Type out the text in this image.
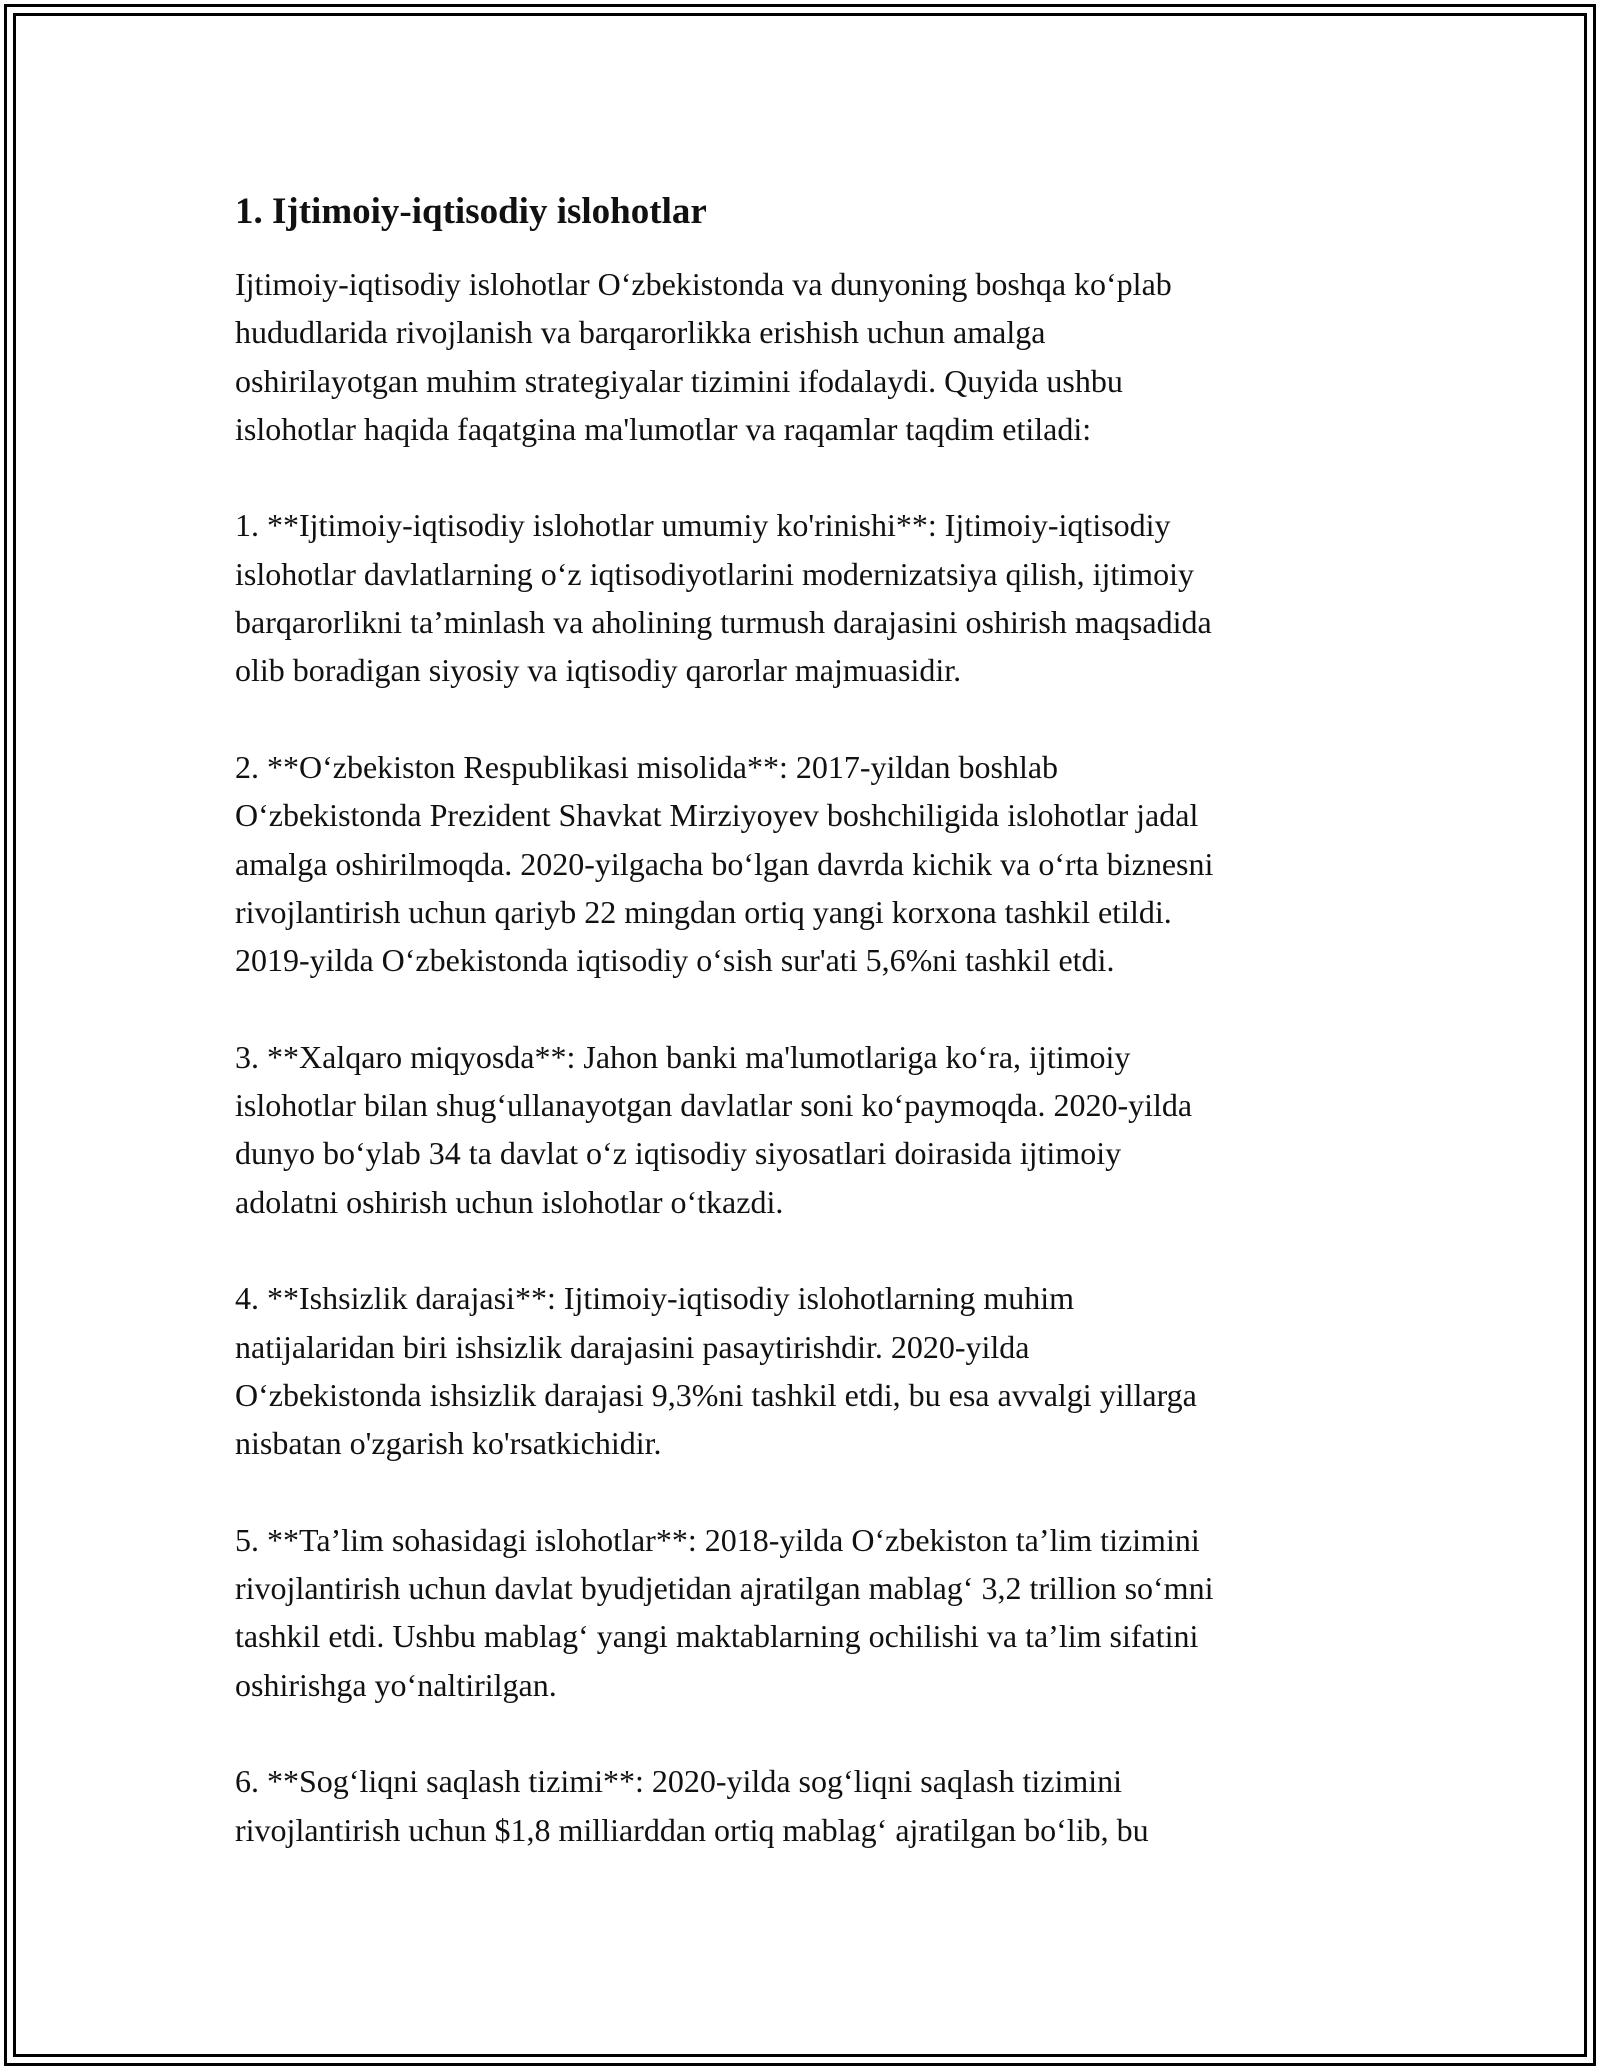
1. Ijtimoiy-iqtisodiy islohotlar

Ijtimoiy-iqtisodiy islohotlar O‘zbekistonda va dunyoning boshqa ko‘plab
hududlarida rivojlanish va barqarorlikka erishish uchun amalga
oshirilayotgan muhim strategiyalar tizimini ifodalaydi. Quyida ushbu
islohotlar haqida faqatgina ma'lumotlar va raqamlar taqdim etiladi:

1. **Ijtimoiy-iqtisodiy islohotlar umumiy ko'rinishi**: Ijtimoiy-iqtisodiy
islohotlar davlatlarning o‘z iqtisodiyotlarini modernizatsiya qilish, ijtimoiy
barqarorlikni ta’minlash va aholining turmush darajasini oshirish maqsadida
olib boradigan siyosiy va iqtisodiy qarorlar majmuasidir.

2. **O‘zbekiston Respublikasi misolida**: 2017-yildan boshlab
O‘zbekistonda Prezident Shavkat Mirziyoyev boshchiligida islohotlar jadal
amalga oshirilmoqda. 2020-yilgacha bo‘lgan davrda kichik va o‘rta biznesni
rivojlantirish uchun qariyb 22 mingdan ortiq yangi korxona tashkil etildi.
2019-yilda O‘zbekistonda iqtisodiy o‘sish sur'ati 5,6%ni tashkil etdi.

3. **Xalqaro miqyosda**: Jahon banki ma'lumotlariga ko‘ra, ijtimoiy
islohotlar bilan shug‘ullanayotgan davlatlar soni ko‘paymoqda. 2020-yilda
dunyo bo‘ylab 34 ta davlat o‘z iqtisodiy siyosatlari doirasida ijtimoiy
adolatni oshirish uchun islohotlar o‘tkazdi.

4. **Ishsizlik darajasi**: Ijtimoiy-iqtisodiy islohotlarning muhim
natijalaridan biri ishsizlik darajasini pasaytirishdir. 2020-yilda
O‘zbekistonda ishsizlik darajasi 9,3%ni tashkil etdi, bu esa avvalgi yillarga
nisbatan o'zgarish ko'rsatkichidir.

5. **Ta’lim sohasidagi islohotlar**: 2018-yilda O‘zbekiston ta’lim tizimini
rivojlantirish uchun davlat byudjetidan ajratilgan mablag‘ 3,2 trillion so‘mni
tashkil etdi. Ushbu mablag‘ yangi maktablarning ochilishi va ta’lim sifatini
oshirishga yo‘naltirilgan.

6. **Sog‘liqni saqlash tizimi**: 2020-yilda sog‘liqni saqlash tizimini
rivojlantirish uchun $1,8 milliarddan ortiq mablag‘ ajratilgan bo‘lib, bu
